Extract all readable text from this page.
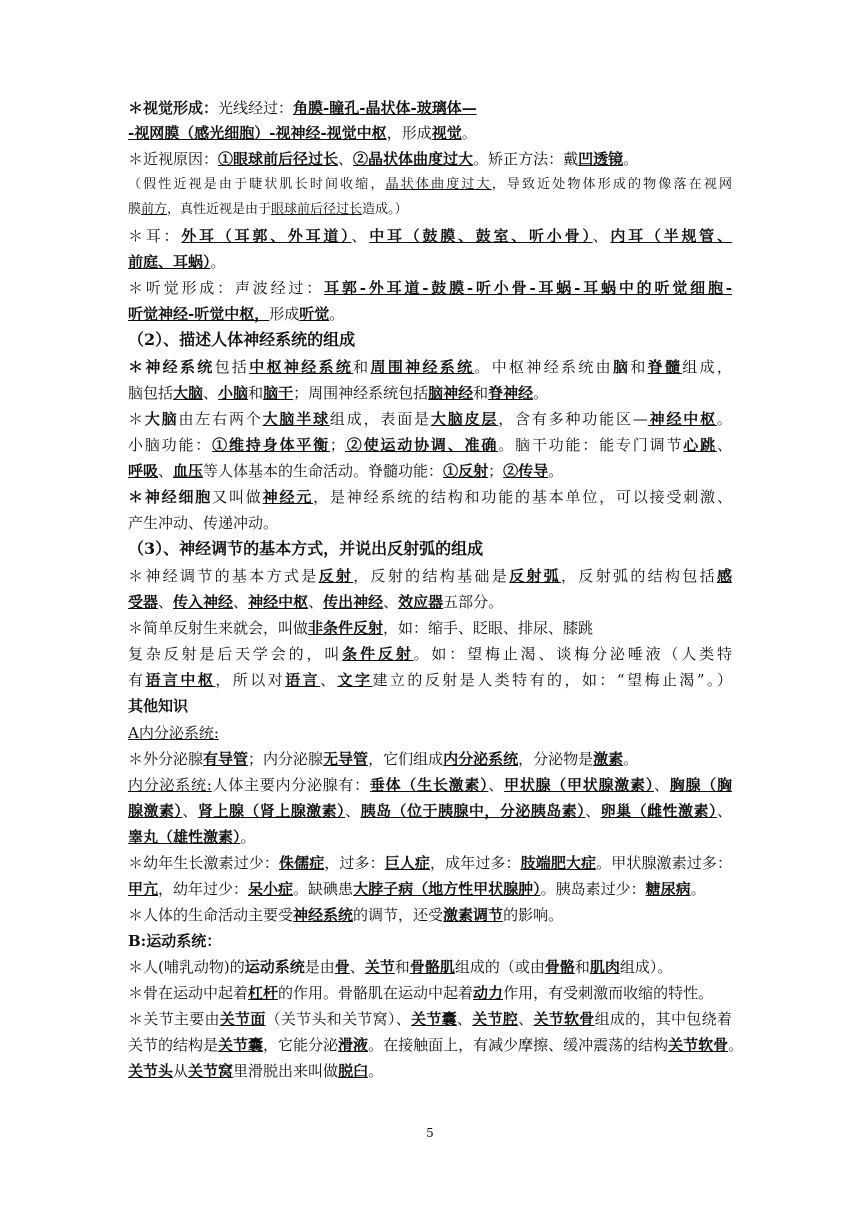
＊视觉形成：光线经过：角膜-瞳孔-晶状体-玻璃体—
-视网膜（感光细胞）-视神经-视觉中枢，形成视觉。
＊近视原因：①眼球前后径过长、②晶状体曲度过大。矫正方法：戴凹透镜。
（假性近视是由于睫状肌长时间收缩，晶状体曲度过大，导致近处物体形成的物像落在视网
膜前方，真性近视是由于眼球前后径过长造成。）
＊耳：外耳（耳郭、外耳道）、中耳（鼓膜、鼓室、听小骨）、内耳（半规管、
前庭、耳蜗）。
＊听觉形成：声波经过：耳郭-外耳道-鼓膜-听小骨-耳蜗-耳蜗中的听觉细胞-
听觉神经-听觉中枢，形成听觉。
（2）、描述人体神经系统的组成
＊神经系统包括中枢神经系统和周围神经系统。中枢神经系统由脑和脊髓组成，
脑包括大脑、小脑和脑干；周围神经系统包括脑神经和脊神经。
＊大脑由左右两个大脑半球组成，表面是大脑皮层，含有多种功能区—神经中枢。
小脑功能：①维持身体平衡；②使运动协调、准确。脑干功能：能专门调节心跳、
呼吸、血压等人体基本的生命活动。脊髓功能：①反射；②传导。
＊神经细胞又叫做神经元，是神经系统的结构和功能的基本单位，可以接受刺激、
产生冲动、传递冲动。
（3）、神经调节的基本方式，并说出反射弧的组成
＊神经调节的基本方式是反射，反射的结构基础是反射弧，反射弧的结构包括感
受器、传入神经、神经中枢、传出神经、效应器五部分。
＊简单反射生来就会，叫做非条件反射，如：缩手、眨眼、排尿、膝跳
复杂反射是后天学会的，叫条件反射。如：望梅止渴、谈梅分泌唾液（人类特
有语言中枢，所以对语言、文字建立的反射是人类特有的，如：“望梅止渴”。）
其他知识
A内分泌系统:
＊外分泌腺有导管；内分泌腺无导管，它们组成内分泌系统，分泌物是激素。
内分泌系统:人体主要内分泌腺有：垂体（生长激素）、甲状腺（甲状腺激素）、胸腺（胸
腺激素）、肾上腺（肾上腺激素）、胰岛（位于胰腺中，分泌胰岛素）、卵巢（雌性激素）、
睾丸（雄性激素）。
＊幼年生长激素过少：侏儒症，过多：巨人症，成年过多：肢端肥大症。甲状腺激素过多：
甲亢，幼年过少：呆小症。缺碘患大脖子病（地方性甲状腺肿）。胰岛素过少：糖尿病。
＊人体的生命活动主要受神经系统的调节，还受激素调节的影响。
B:运动系统：
＊人(哺乳动物)的运动系统是由骨、关节和骨骼肌组成的（或由骨骼和肌肉组成）。
＊骨在运动中起着杠杆的作用。骨骼肌在运动中起着动力作用，有受刺激而收缩的特性。
＊关节主要由关节面（关节头和关节窝）、关节囊、关节腔、关节软骨组成的，其中包绕着
关节的结构是关节囊，它能分泌滑液。在接触面上，有减少摩擦、缓冲震荡的结构关节软骨。
关节头从关节窝里滑脱出来叫做脱臼。
5
